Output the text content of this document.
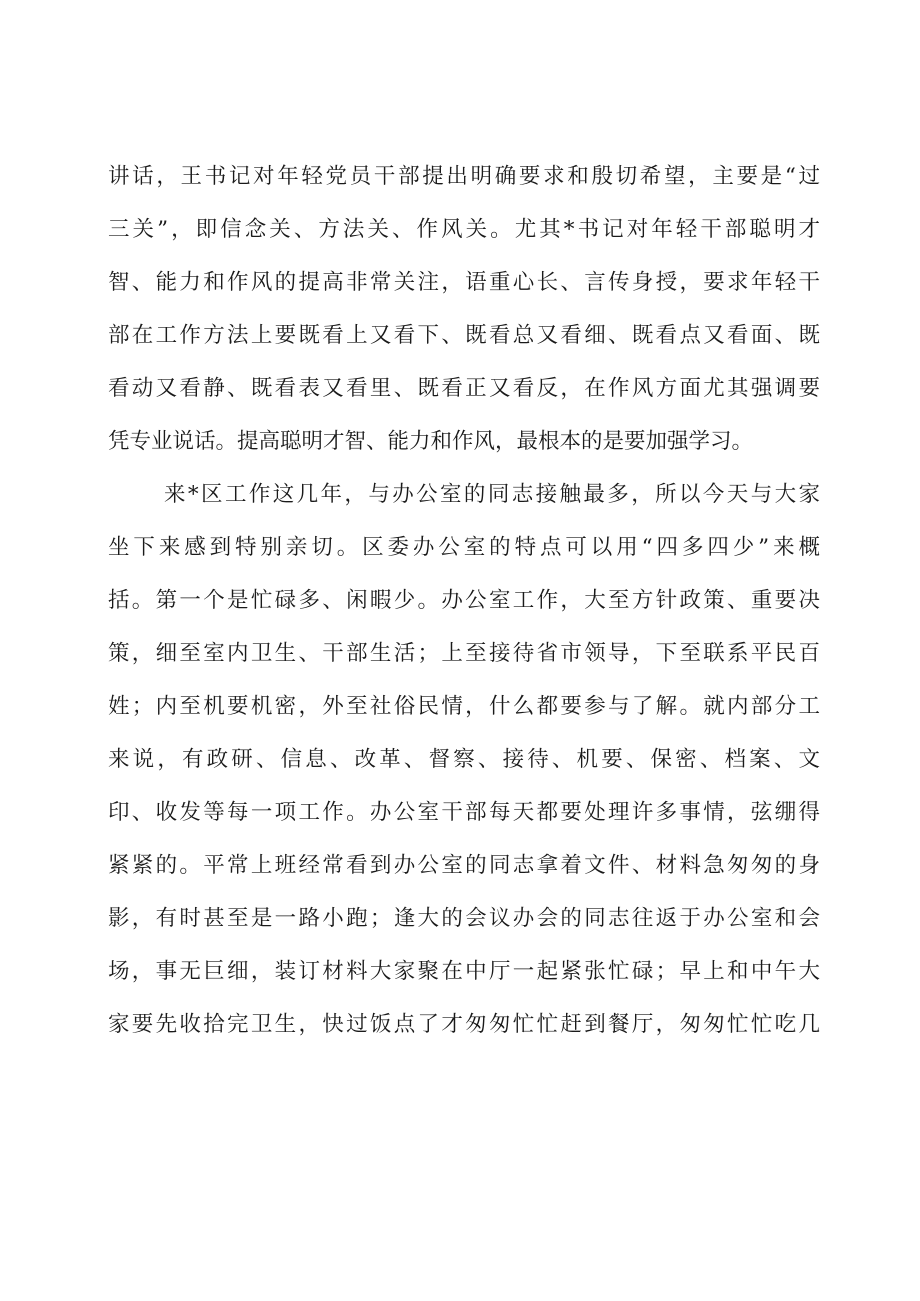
讲话，王书记对年轻党员干部提出明确要求和殷切希望，主要是“过
三关”，即信念关、方法关、作风关。尤其*书记对年轻干部聪明才
智、能力和作风的提高非常关注，语重心长、言传身授，要求年轻干
部在工作方法上要既看上又看下、既看总又看细、既看点又看面、既
看动又看静、既看表又看里、既看正又看反，在作风方面尤其强调要
凭专业说话。提高聪明才智、能力和作风，最根本的是要加强学习。
来*区工作这几年，与办公室的同志接触最多，所以今天与大家
坐下来感到特别亲切。区委办公室的特点可以用“四多四少”来概
括。第一个是忙碌多、闲暇少。办公室工作，大至方针政策、重要决
策，细至室内卫生、干部生活；上至接待省市领导，下至联系平民百
姓；内至机要机密，外至社俗民情，什么都要参与了解。就内部分工
来说，有政研、信息、改革、督察、接待、机要、保密、档案、文
印、收发等每一项工作。办公室干部每天都要处理许多事情，弦绷得
紧紧的。平常上班经常看到办公室的同志拿着文件、材料急匆匆的身
影，有时甚至是一路小跑；逢大的会议办会的同志往返于办公室和会
场，事无巨细，装订材料大家聚在中厅一起紧张忙碌；早上和中午大
家要先收拾完卫生，快过饭点了才匆匆忙忙赶到餐厅，匆匆忙忙吃几
